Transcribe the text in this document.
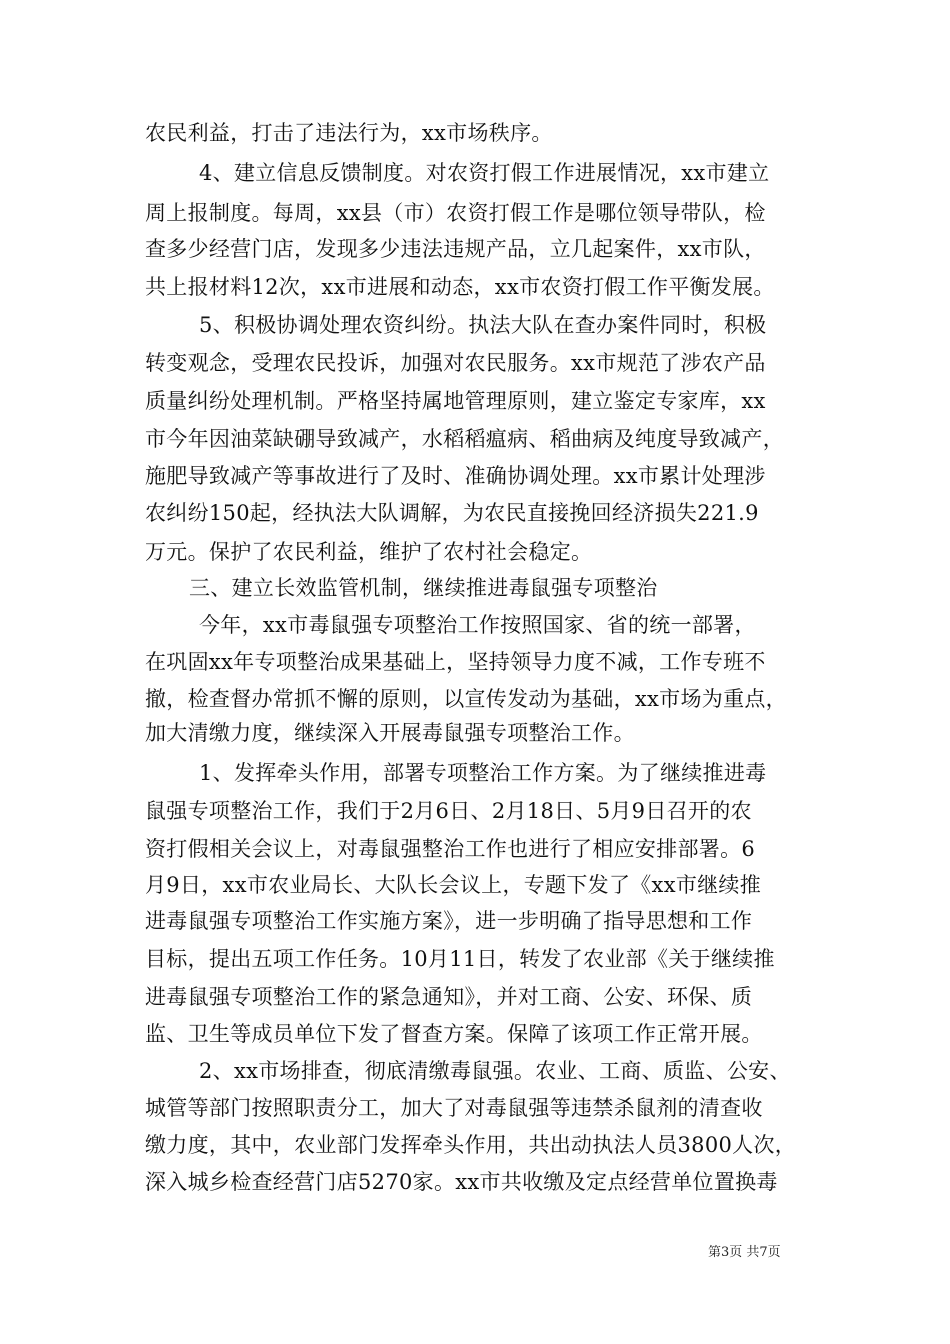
农民利益，打击了违法行为，xx市场秩序。
4、建立信息反馈制度。对农资打假工作进展情况，xx市建立
周上报制度。每周，xx县（市）农资打假工作是哪位领导带队，检
查多少经营门店，发现多少违法违规产品，立几起案件，xx市队，
共上报材料12次，xx市进展和动态，xx市农资打假工作平衡发展。
5、积极协调处理农资纠纷。执法大队在查办案件同时，积极
转变观念，受理农民投诉，加强对农民服务。xx市规范了涉农产品
质量纠纷处理机制。严格坚持属地管理原则，建立鉴定专家库，xx
市今年因油菜缺硼导致减产，水稻稻瘟病、稻曲病及纯度导致减产，
施肥导致减产等事故进行了及时、准确协调处理。xx市累计处理涉
农纠纷150起，经执法大队调解，为农民直接挽回经济损失221.9
万元。保护了农民利益，维护了农村社会稳定。
三、建立长效监管机制，继续推进毒鼠强专项整治
今年，xx市毒鼠强专项整治工作按照国家、省的统一部署，
在巩固xx年专项整治成果基础上，坚持领导力度不减，工作专班不
撤，检查督办常抓不懈的原则，以宣传发动为基础，xx市场为重点，
加大清缴力度，继续深入开展毒鼠强专项整治工作。
1、发挥牵头作用，部署专项整治工作方案。为了继续推进毒
鼠强专项整治工作，我们于2月6日、2月18日、5月9日召开的农
资打假相关会议上，对毒鼠强整治工作也进行了相应安排部署。6
月9日，xx市农业局长、大队长会议上，专题下发了《xx市继续推
进毒鼠强专项整治工作实施方案》，进一步明确了指导思想和工作
目标，提出五项工作任务。10月11日，转发了农业部《关于继续推
进毒鼠强专项整治工作的紧急通知》，并对工商、公安、环保、质
监、卫生等成员单位下发了督查方案。保障了该项工作正常开展。
2、xx市场排查，彻底清缴毒鼠强。农业、工商、质监、公安、
城管等部门按照职责分工，加大了对毒鼠强等违禁杀鼠剂的清查收
缴力度，其中，农业部门发挥牵头作用，共出动执法人员3800人次，
深入城乡检查经营门店5270家。xx市共收缴及定点经营单位置换毒
第3页 共7页
